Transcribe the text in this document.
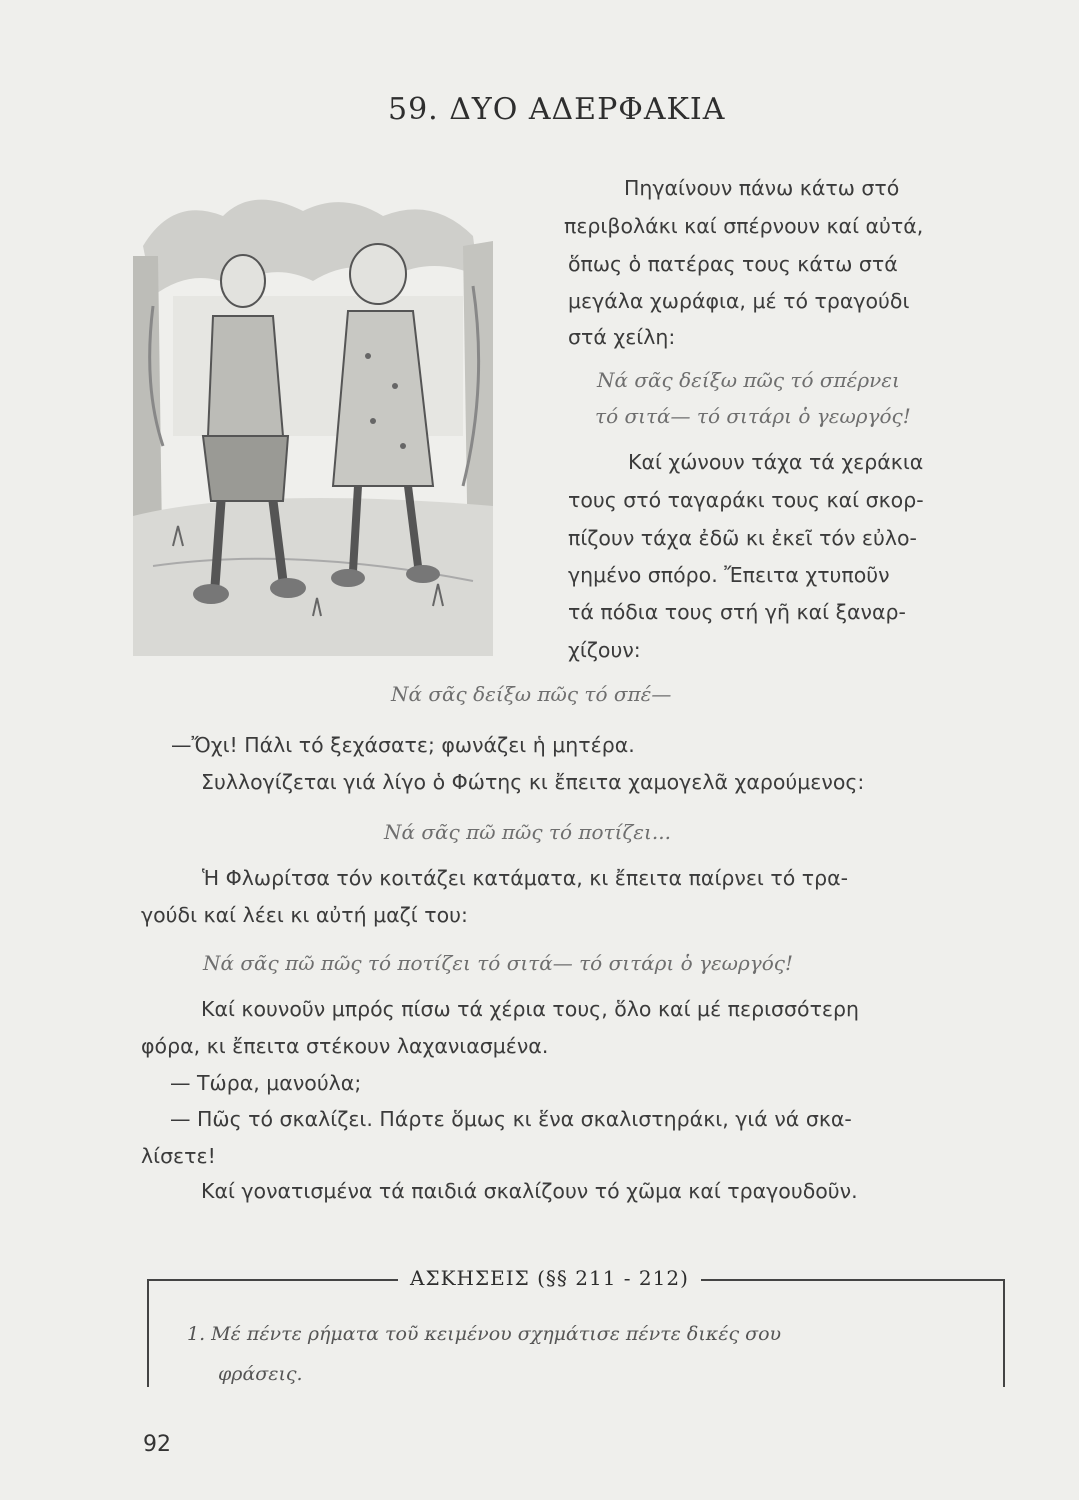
59. ΔΥΟ ΑΔΕΡΦΑΚΙΑ
Πηγαίνουν πάνω κάτω στό
περιβολάκι καί σπέρνουν καί αὐτά,
ὅπως ὁ πατέρας τους κάτω στά
μεγάλα χωράφια, μέ τό τραγούδι
στά χείλη:
Νά σᾶς δείξω πῶς τό σπέρνει
τό σιτά— τό σιτάρι ὁ γεωργός!
Καί χώνουν τάχα τά χεράκια
τους στό ταγαράκι τους καί σκορ-
πίζουν τάχα ἐδῶ κι ἐκεῖ τόν εὐλο-
γημένο σπόρο. Ἔπειτα χτυποῦν
τά πόδια τους στή γῆ καί ξαναρ-
χίζουν:
Νά σᾶς δείξω πῶς τό σπέ—
—Ὄχι! Πάλι τό ξεχάσατε; φωνάζει ἡ μητέρα.
Συλλογίζεται γιά λίγο ὁ Φώτης κι ἔπειτα χαμογελᾶ χαρούμενος:
Νά σᾶς πῶ πῶς τό ποτίζει...
Ἡ Φλωρίτσα τόν κοιτάζει κατάματα, κι ἔπειτα παίρνει τό τρα-
γούδι καί λέει κι αὐτή μαζί του:
Νά σᾶς πῶ πῶς τό ποτίζει τό σιτά— τό σιτάρι ὁ γεωργός!
Καί κουνοῦν μπρός πίσω τά χέρια τους, ὅλο καί μέ περισσότερη
φόρα, κι ἔπειτα στέκουν λαχανιασμένα.
— Τώρα, μανούλα;
— Πῶς τό σκαλίζει. Πάρτε ὅμως κι ἕνα σκαλιστηράκι, γιά νά σκα-
λίσετε!
Καί γονατισμένα τά παιδιά σκαλίζουν τό χῶμα καί τραγουδοῦν.
ΑΣΚΗΣΕΙΣ (§§ 211 - 212)
1. Μέ πέντε ρήματα τοῦ κειμένου σχημάτισε πέντε δικές σου
φράσεις.
92
